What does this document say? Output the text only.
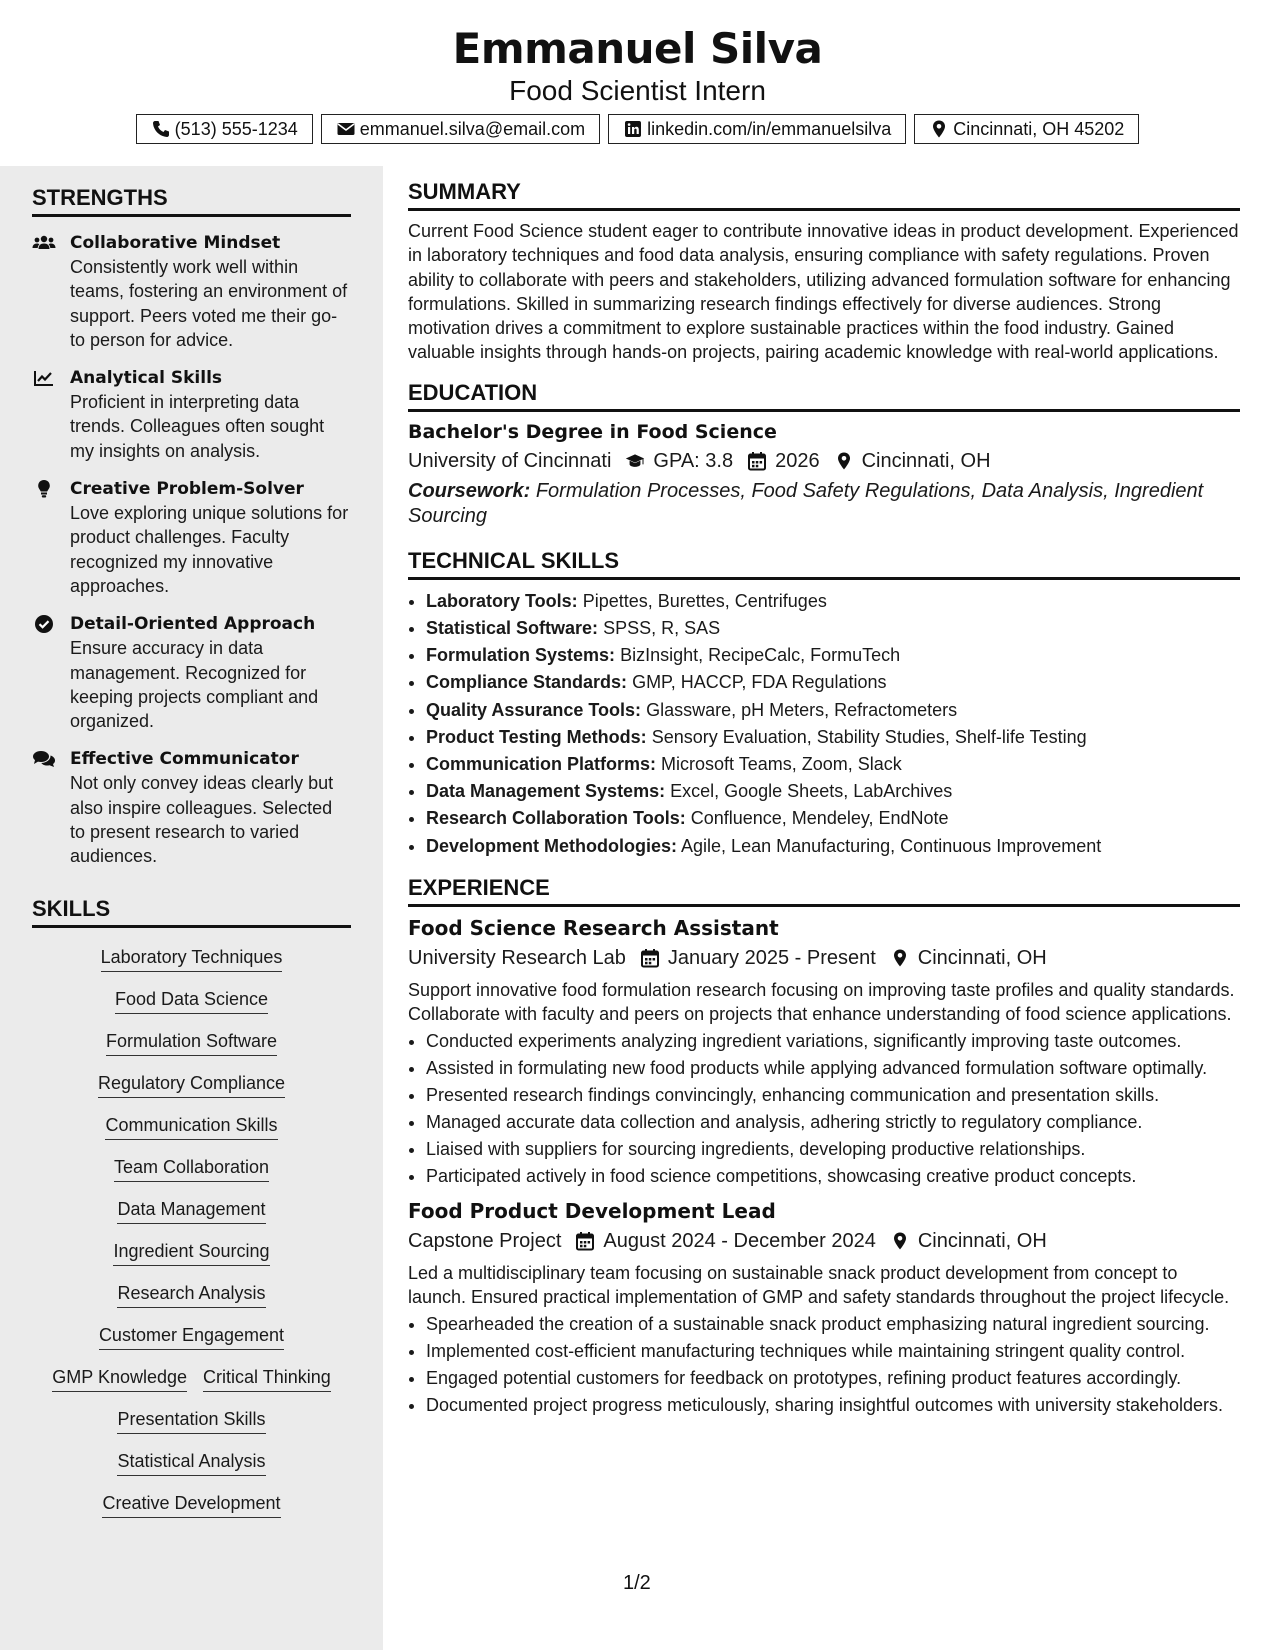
Emmanuel Silva
Food Scientist Intern
(513) 555-1234	emmanuel.silva@email.com	linkedin.com/in/emmanuelsilva	Cincinnati, OH 45202
STRENGTHS
Collaborative Mindset
Consistently work well within teams, fostering an environment of support. Peers voted me their go-to person for advice.
Analytical Skills
Proficient in interpreting data trends. Colleagues often sought my insights on analysis.
Creative Problem-Solver
Love exploring unique solutions for product challenges. Faculty recognized my innovative approaches.
Detail-Oriented Approach
Ensure accuracy in data management. Recognized for keeping projects compliant and organized.
Effective Communicator
Not only convey ideas clearly but also inspire colleagues. Selected to present research to varied audiences.
SKILLS
Laboratory Techniques
Food Data Science
Formulation Software
Regulatory Compliance
Communication Skills
Team Collaboration
Data Management
Ingredient Sourcing
Research Analysis
Customer Engagement
GMP Knowledge Critical Thinking
Presentation Skills
Statistical Analysis
Creative Development
SUMMARY
Current Food Science student eager to contribute innovative ideas in product development. Experienced in laboratory techniques and food data analysis, ensuring compliance with safety regulations. Proven ability to collaborate with peers and stakeholders, utilizing advanced formulation software for enhancing formulations. Skilled in summarizing research findings effectively for diverse audiences. Strong motivation drives a commitment to explore sustainable practices within the food industry. Gained valuable insights through hands-on projects, pairing academic knowledge with real-world applications.
EDUCATION
Bachelor's Degree in Food Science
University of Cincinnati GPA: 3.8 2026 Cincinnati, OH
Coursework: Formulation Processes, Food Safety Regulations, Data Analysis, Ingredient Sourcing
TECHNICAL SKILLS
• Laboratory Tools: Pipettes, Burettes, Centrifuges
• Statistical Software: SPSS, R, SAS
• Formulation Systems: BizInsight, RecipeCalc, FormuTech
• Compliance Standards: GMP, HACCP, FDA Regulations
• Quality Assurance Tools: Glassware, pH Meters, Refractometers
• Product Testing Methods: Sensory Evaluation, Stability Studies, Shelf-life Testing
• Communication Platforms: Microsoft Teams, Zoom, Slack
• Data Management Systems: Excel, Google Sheets, LabArchives
• Research Collaboration Tools: Confluence, Mendeley, EndNote
• Development Methodologies: Agile, Lean Manufacturing, Continuous Improvement
EXPERIENCE
Food Science Research Assistant
University Research Lab January 2025 - Present Cincinnati, OH
Support innovative food formulation research focusing on improving taste profiles and quality standards. Collaborate with faculty and peers on projects that enhance understanding of food science applications.
• Conducted experiments analyzing ingredient variations, significantly improving taste outcomes.
• Assisted in formulating new food products while applying advanced formulation software optimally.
• Presented research findings convincingly, enhancing communication and presentation skills.
• Managed accurate data collection and analysis, adhering strictly to regulatory compliance.
• Liaised with suppliers for sourcing ingredients, developing productive relationships.
• Participated actively in food science competitions, showcasing creative product concepts.
Food Product Development Lead
Capstone Project August 2024 - December 2024 Cincinnati, OH
Led a multidisciplinary team focusing on sustainable snack product development from concept to launch. Ensured practical implementation of GMP and safety standards throughout the project lifecycle.
• Spearheaded the creation of a sustainable snack product emphasizing natural ingredient sourcing.
• Implemented cost-efficient manufacturing techniques while maintaining stringent quality control.
• Engaged potential customers for feedback on prototypes, refining product features accordingly.
• Documented project progress meticulously, sharing insightful outcomes with university stakeholders.
1/2
